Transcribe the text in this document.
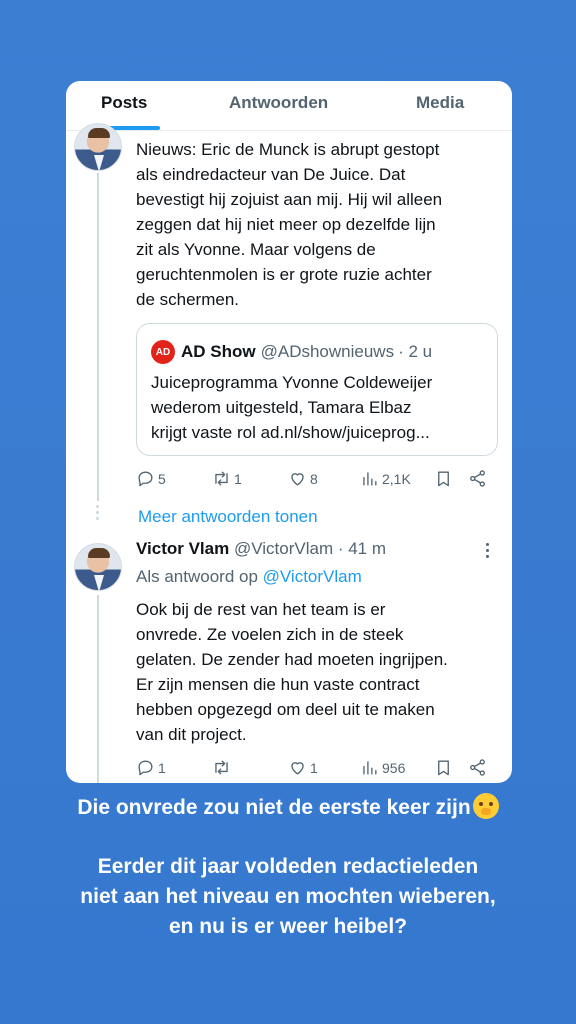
Posts	Antwoorden	Media
Nieuws: Eric de Munck is abrupt gestopt
als eindredacteur van De Juice. Dat
bevestigt hij zojuist aan mij. Hij wil alleen
zeggen dat hij niet meer op dezelfde lijn
zit als Yvonne. Maar volgens de
geruchtenmolen is er grote ruzie achter
de schermen.
AD AD Show @ADshownieuws · 2 u
Juiceprogramma Yvonne Coldeweijer
wederom uitgesteld, Tamara Elbaz
krijgt vaste rol ad.nl/show/juiceprog...
5	1	8	2,1K
Meer antwoorden tonen
Victor Vlam @VictorVlam · 41 m
Als antwoord op @VictorVlam
Ook bij de rest van het team is er
onvrede. Ze voelen zich in de steek
gelaten. De zender had moeten ingrijpen.
Er zijn mensen die hun vaste contract
hebben opgezegd om deel uit te maken
van dit project.
1	1	956
Die onvrede zou niet de eerste keer zijn
Eerder dit jaar voldeden redactieleden
niet aan het niveau en mochten wieberen,
en nu is er weer heibel?
